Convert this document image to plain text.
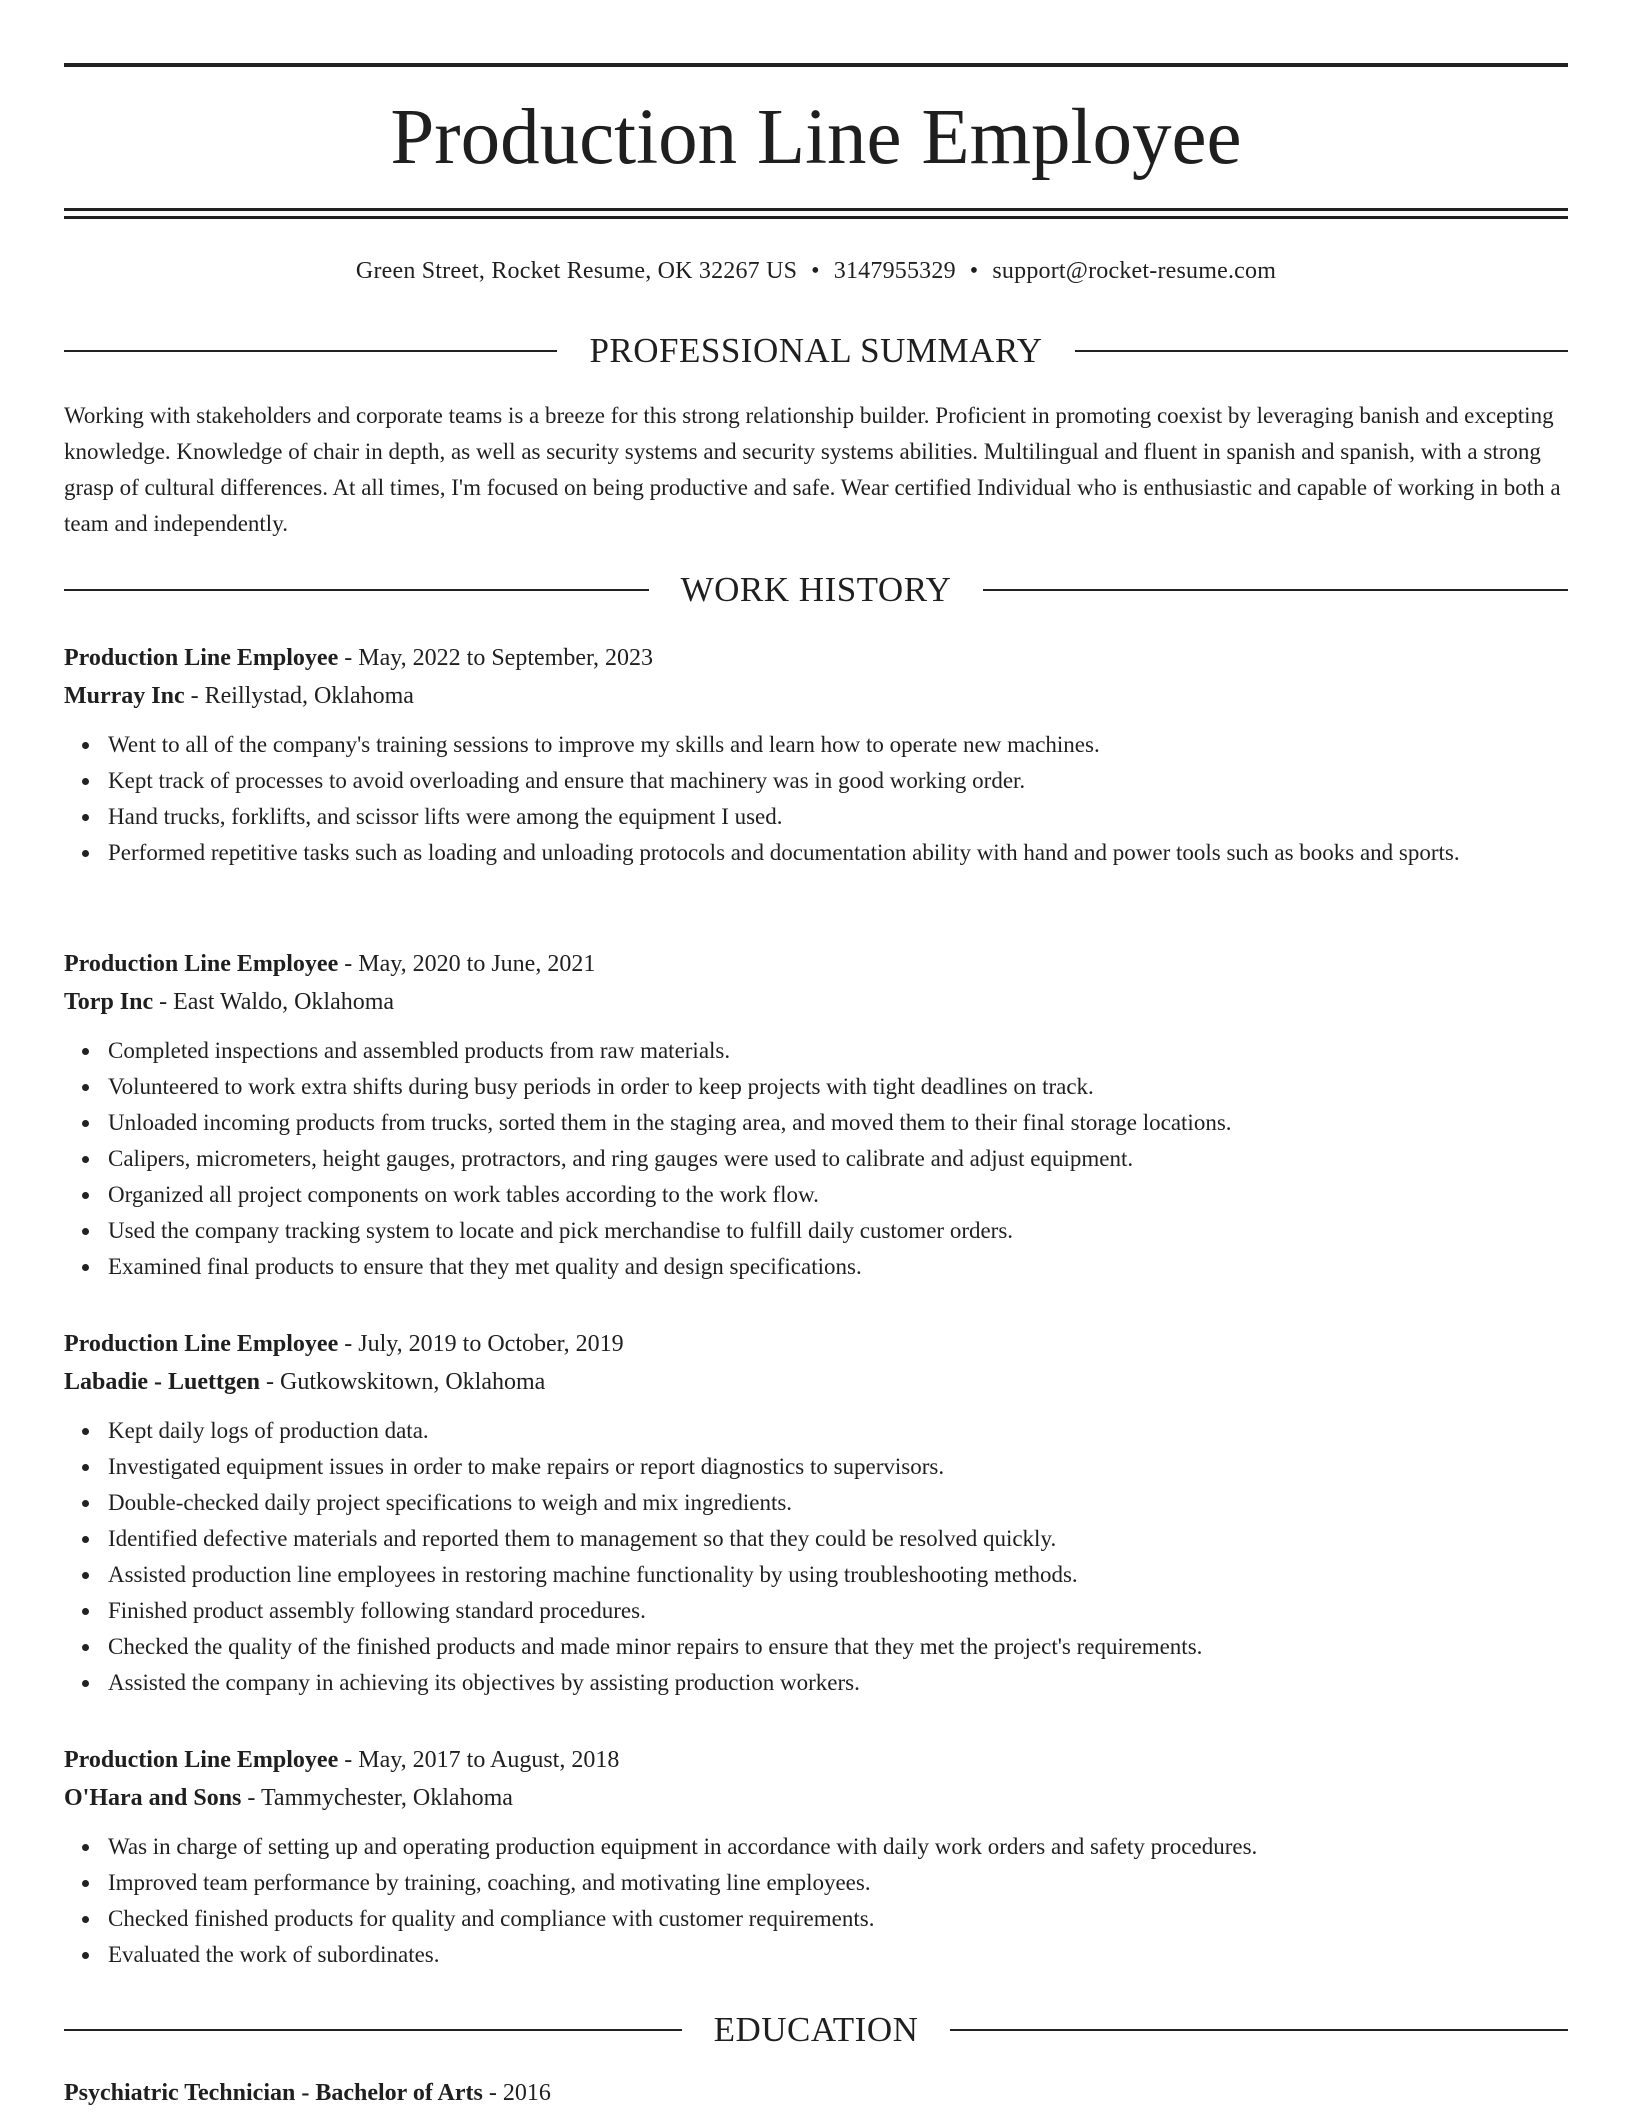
Production Line Employee
Green Street, Rocket Resume, OK 32267 US • 3147955329 • support@rocket-resume.com
PROFESSIONAL SUMMARY

Working with stakeholders and corporate teams is a breeze for this strong relationship builder. Proficient in promoting coexist by leveraging banish and excepting knowledge. Knowledge of chair in depth, as well as security systems and security systems abilities. Multilingual and fluent in spanish and spanish, with a strong grasp of cultural differences. At all times, I'm focused on being productive and safe. Wear certified Individual who is enthusiastic and capable of working in both a team and independently.

WORK HISTORY
Production Line Employee - May, 2022 to September, 2023
Murray Inc - Reillystad, Oklahoma
Went to all of the company's training sessions to improve my skills and learn how to operate new machines.
Kept track of processes to avoid overloading and ensure that machinery was in good working order.
Hand trucks, forklifts, and scissor lifts were among the equipment I used.
Performed repetitive tasks such as loading and unloading protocols and documentation ability with hand and power tools such as books and sports.
Production Line Employee - May, 2020 to June, 2021
Torp Inc - East Waldo, Oklahoma
Completed inspections and assembled products from raw materials.
Volunteered to work extra shifts during busy periods in order to keep projects with tight deadlines on track.
Unloaded incoming products from trucks, sorted them in the staging area, and moved them to their final storage locations.
Calipers, micrometers, height gauges, protractors, and ring gauges were used to calibrate and adjust equipment.
Organized all project components on work tables according to the work flow.
Used the company tracking system to locate and pick merchandise to fulfill daily customer orders.
Examined final products to ensure that they met quality and design specifications.
Production Line Employee - July, 2019 to October, 2019
Labadie - Luettgen - Gutkowskitown, Oklahoma
Kept daily logs of production data.
Investigated equipment issues in order to make repairs or report diagnostics to supervisors.
Double-checked daily project specifications to weigh and mix ingredients.
Identified defective materials and reported them to management so that they could be resolved quickly.
Assisted production line employees in restoring machine functionality by using troubleshooting methods.
Finished product assembly following standard procedures.
Checked the quality of the finished products and made minor repairs to ensure that they met the project's requirements.
Assisted the company in achieving its objectives by assisting production workers.
Production Line Employee - May, 2017 to August, 2018
O'Hara and Sons - Tammychester, Oklahoma
Was in charge of setting up and operating production equipment in accordance with daily work orders and safety procedures.
Improved team performance by training, coaching, and motivating line employees.
Checked finished products for quality and compliance with customer requirements.
Evaluated the work of subordinates.
EDUCATION
Psychiatric Technician - Bachelor of Arts - 2016
